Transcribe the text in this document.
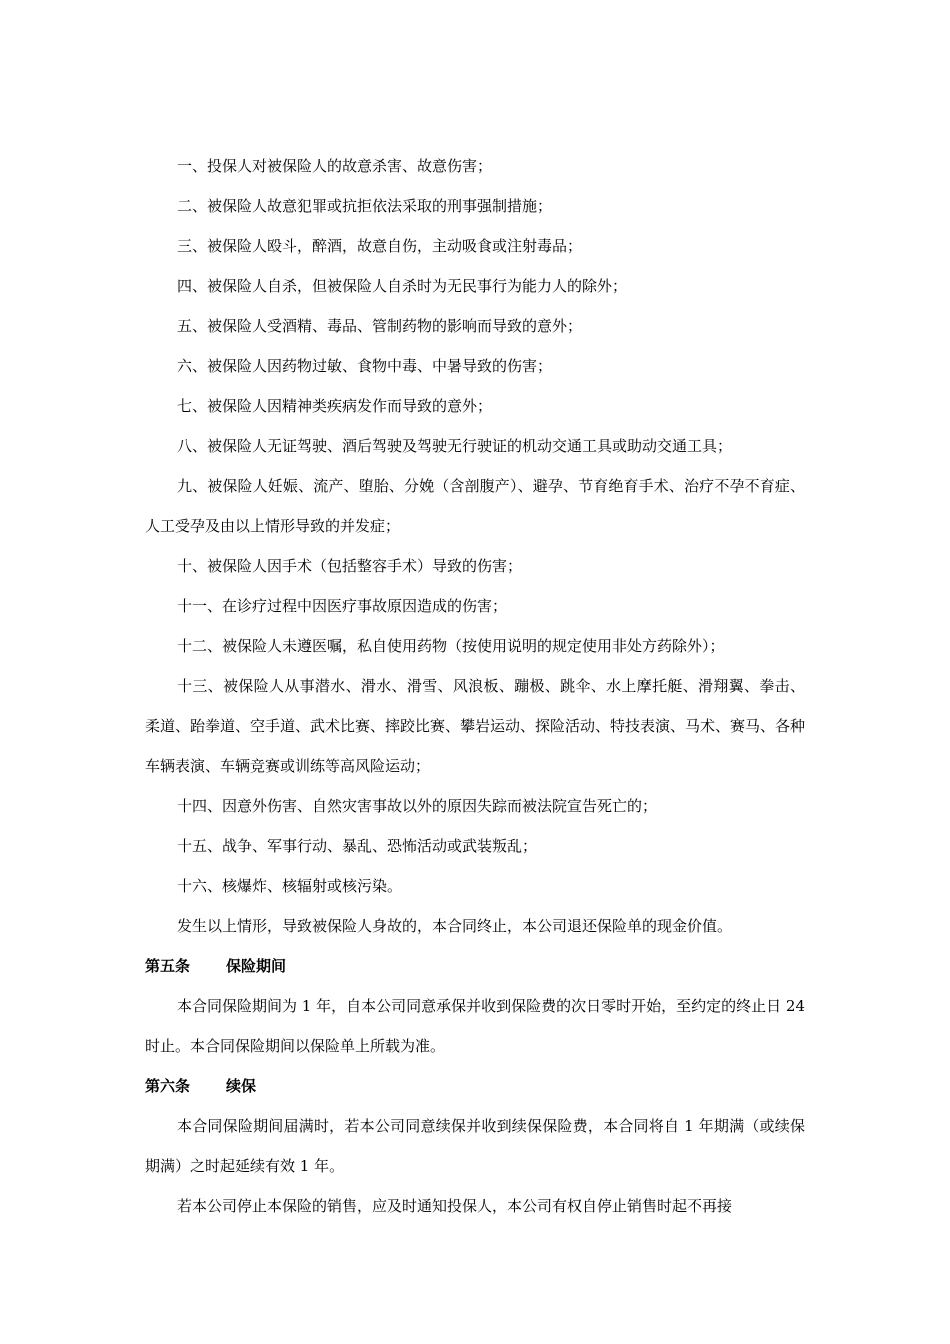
一、投保人对被保险人的故意杀害、故意伤害；

二、被保险人故意犯罪或抗拒依法采取的刑事强制措施；

三、被保险人殴斗，醉酒，故意自伤，主动吸食或注射毒品；

四、被保险人自杀，但被保险人自杀时为无民事行为能力人的除外；

五、被保险人受酒精、毒品、管制药物的影响而导致的意外；

六、被保险人因药物过敏、食物中毒、中暑导致的伤害；

七、被保险人因精神类疾病发作而导致的意外；

八、被保险人无证驾驶、酒后驾驶及驾驶无行驶证的机动交通工具或助动交通工具；

九、被保险人妊娠、流产、堕胎、分娩（含剖腹产）、避孕、节育绝育手术、治疗不孕不育症、人工受孕及由以上情形导致的并发症；

十、被保险人因手术（包括整容手术）导致的伤害；

十一、在诊疗过程中因医疗事故原因造成的伤害；

十二、被保险人未遵医嘱，私自使用药物（按使用说明的规定使用非处方药除外）；

十三、被保险人从事潜水、滑水、滑雪、风浪板、蹦极、跳伞、水上摩托艇、滑翔翼、拳击、柔道、跆拳道、空手道、武术比赛、摔跤比赛、攀岩运动、探险活动、特技表演、马术、赛马、各种车辆表演、车辆竞赛或训练等高风险运动；

十四、因意外伤害、自然灾害事故以外的原因失踪而被法院宣告死亡的；

十五、战争、军事行动、暴乱、恐怖活动或武装叛乱；

十六、核爆炸、核辐射或核污染。

发生以上情形，导致被保险人身故的，本合同终止，本公司退还保险单的现金价值。

第五条 保险期间

本合同保险期间为 1 年，自本公司同意承保并收到保险费的次日零时开始，至约定的终止日 24 时止。本合同保险期间以保险单上所载为准。

第六条 续保

本合同保险期间届满时，若本公司同意续保并收到续保保险费，本合同将自 1 年期满（或续保期满）之时起延续有效 1 年。

若本公司停止本保险的销售，应及时通知投保人，本公司有权自停止销售时起不再接
